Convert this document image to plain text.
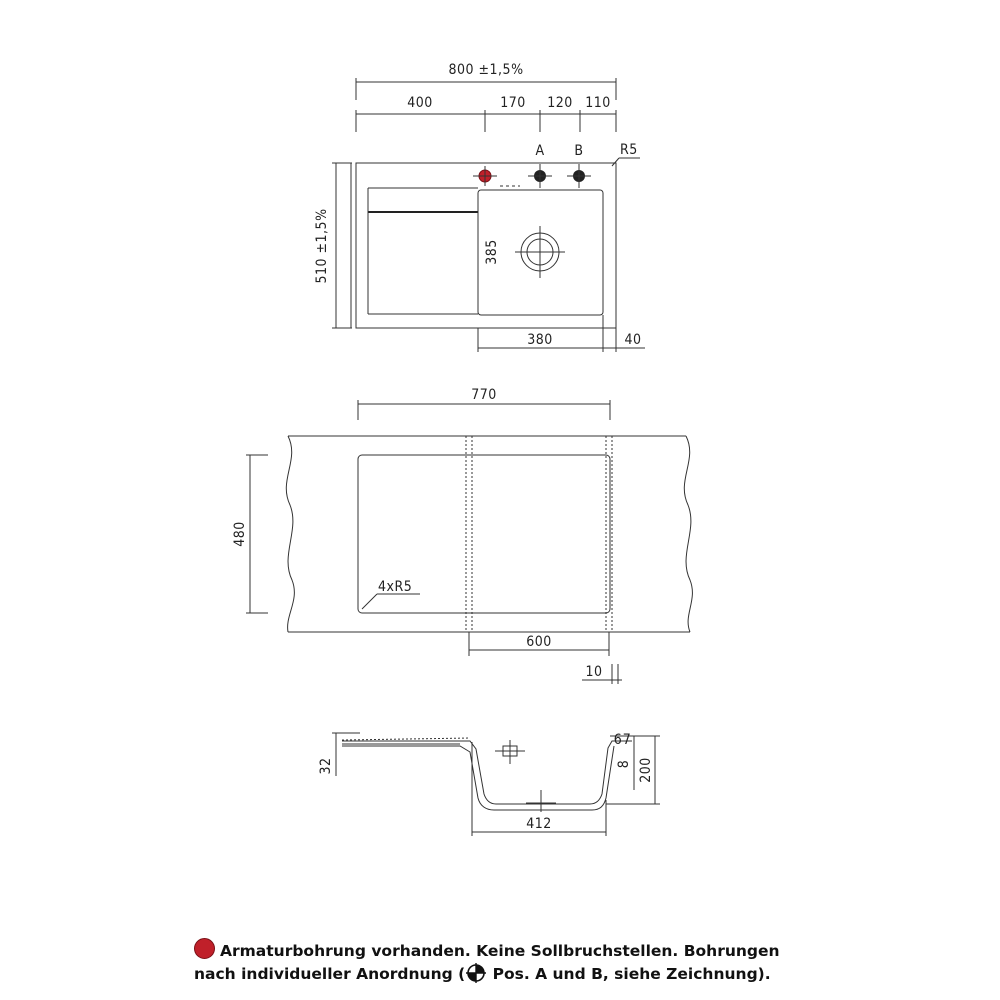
800 ±1,5%
400	170 120 110
A B	R5
510 ±1,5%	385
380	40
770
4xR5
480
600
10
32
412
200
8
7
6
Armaturbohrung vorhanden. Keine Sollbruchstellen. Bohrungen
nach individueller Anordnung ( Pos. A und B, siehe Zeichnung).
